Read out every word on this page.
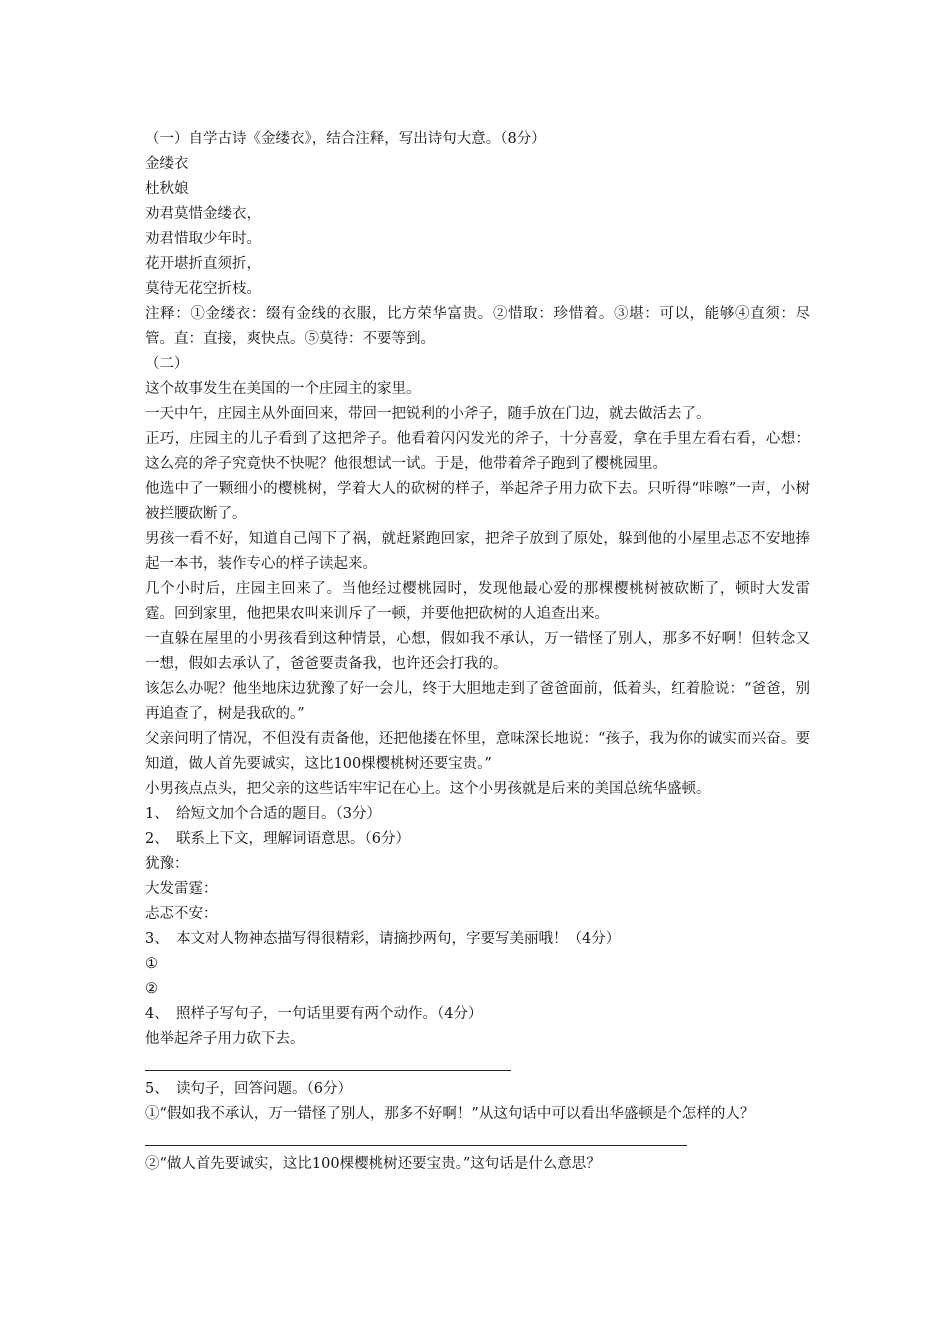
（一）自学古诗《金缕衣》，结合注释，写出诗句大意。（8分）
金缕衣
杜秋娘
劝君莫惜金缕衣，
劝君惜取少年时。
花开堪折直须折，
莫待无花空折枝。
注释：①金缕衣：缀有金线的衣服，比方荣华富贵。②惜取：珍惜着。③堪：可以，能够④直须：尽管。直：直接，爽快点。⑤莫待：不要等到。
（二）
这个故事发生在美国的一个庄园主的家里。
一天中午，庄园主从外面回来，带回一把锐利的小斧子，随手放在门边，就去做活去了。
正巧，庄园主的儿子看到了这把斧子。他看着闪闪发光的斧子，十分喜爱，拿在手里左看右看，心想：这么亮的斧子究竟快不快呢？他很想试一试。于是，他带着斧子跑到了樱桃园里。
他选中了一颗细小的樱桃树，学着大人的砍树的样子，举起斧子用力砍下去。只听得“咔嚓”一声，小树被拦腰砍断了。
男孩一看不好，知道自己闯下了祸，就赶紧跑回家，把斧子放到了原处，躲到他的小屋里忐忑不安地捧起一本书，装作专心的样子读起来。
几个小时后，庄园主回来了。当他经过樱桃园时，发现他最心爱的那棵樱桃树被砍断了，顿时大发雷霆。回到家里，他把果农叫来训斥了一顿，并要他把砍树的人追查出来。
一直躲在屋里的小男孩看到这种情景，心想，假如我不承认，万一错怪了别人，那多不好啊！但转念又一想，假如去承认了，爸爸要责备我，也许还会打我的。
该怎么办呢？他坐地床边犹豫了好一会儿，终于大胆地走到了爸爸面前，低着头，红着脸说：“爸爸，别再追查了，树是我砍的。”
父亲问明了情况，不但没有责备他，还把他搂在怀里，意味深长地说：“孩子，我为你的诚实而兴奋。要知道，做人首先要诚实，这比100棵樱桃树还要宝贵。”
小男孩点点头，把父亲的这些话牢牢记在心上。这个小男孩就是后来的美国总统华盛顿。
1、　给短文加个合适的题目。（3分）
2、　联系上下文，理解词语意思。（6分）
犹豫：
大发雷霆：
忐忑不安：
3、　本文对人物神态描写得很精彩，请摘抄两句，字要写美丽哦！（4分）
①
②
4、　照样子写句子，一句话里要有两个动作。（4分）
他举起斧子用力砍下去。
5、　读句子，回答问题。（6分）
①“假如我不承认，万一错怪了别人，那多不好啊！”从这句话中可以看出华盛顿是个怎样的人？
②“做人首先要诚实，这比100棵樱桃树还要宝贵。”这句话是什么意思？
